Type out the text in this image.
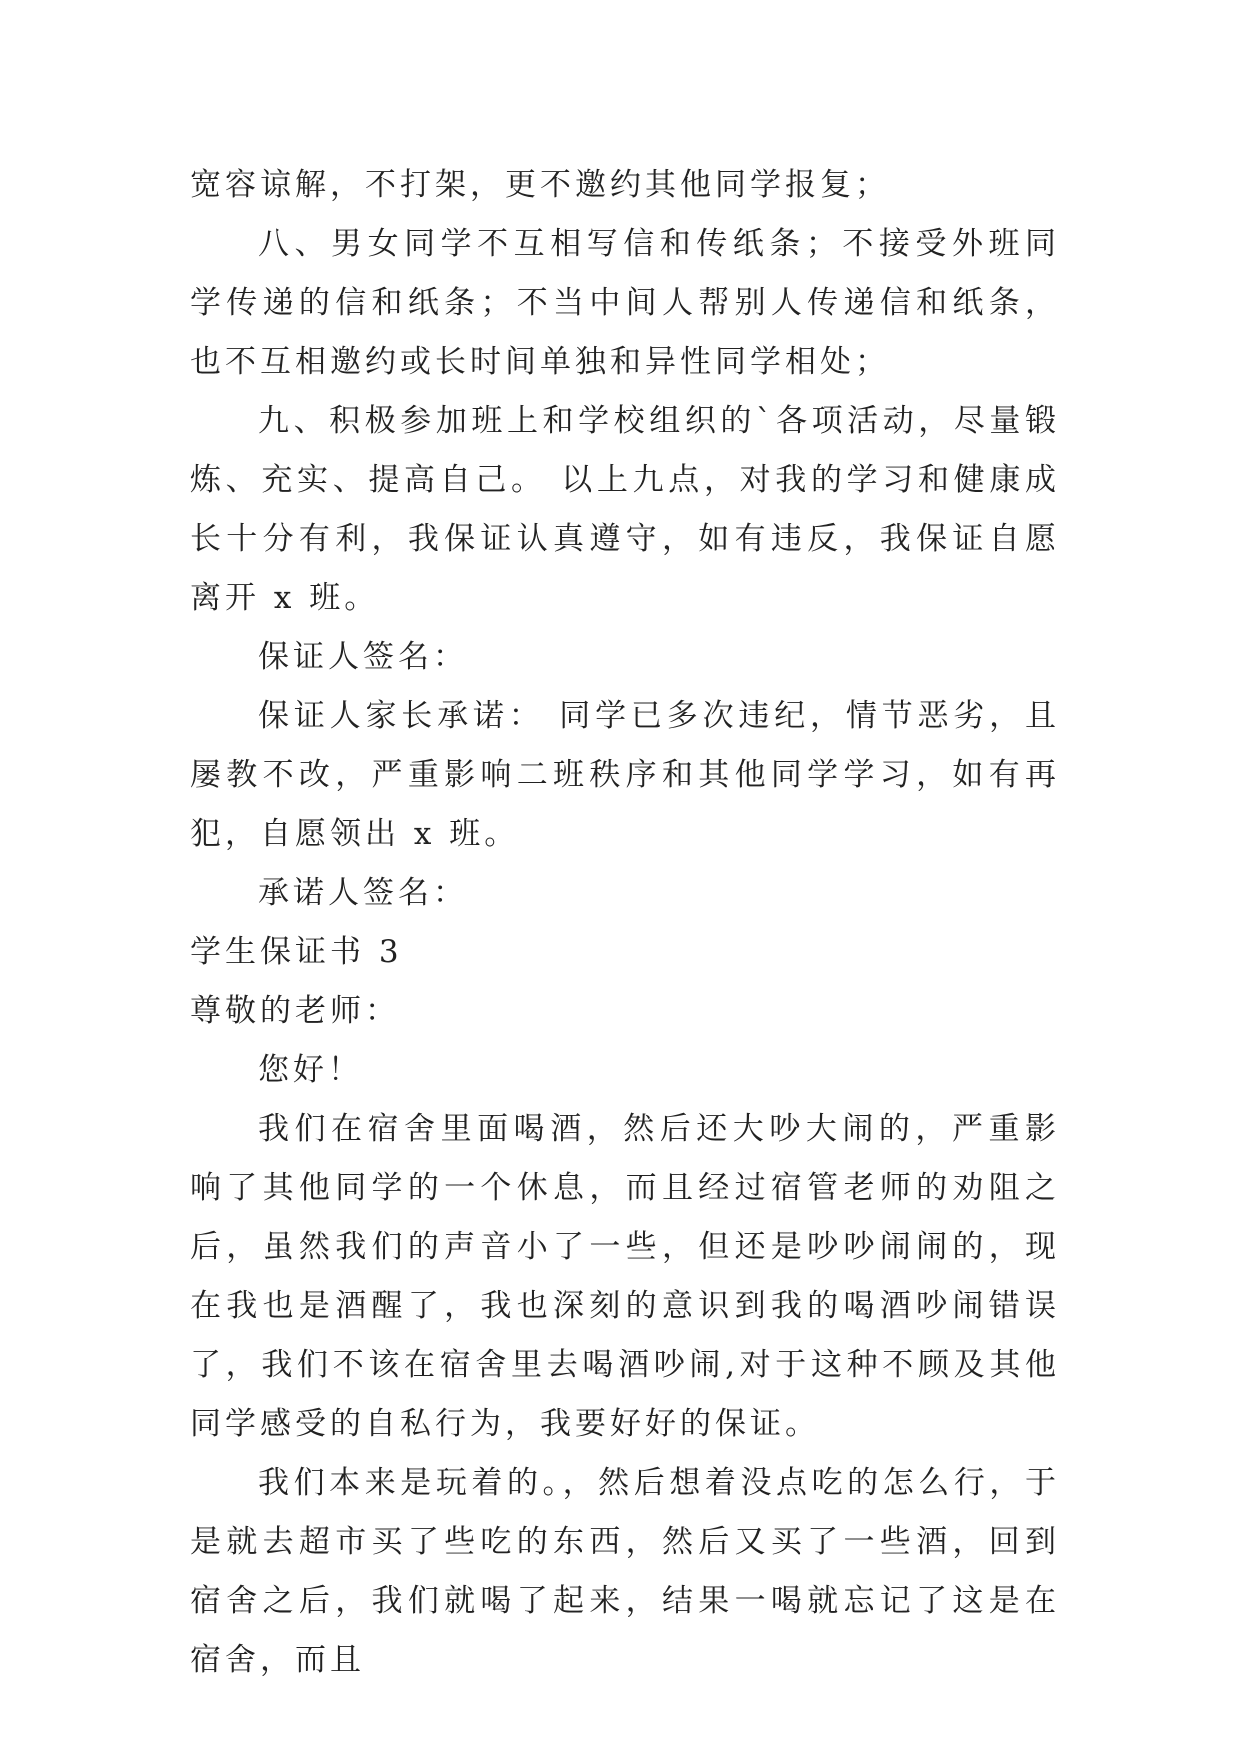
宽容谅解，不打架，更不邀约其他同学报复；

八、男女同学不互相写信和传纸条；不接受外班同学传递的信和纸条；不当中间人帮别人传递信和纸条，也不互相邀约或长时间单独和异性同学相处；

九、积极参加班上和学校组织的`各项活动，尽量锻炼、充实、提高自己。 以上九点，对我的学习和健康成长十分有利，我保证认真遵守，如有违反，我保证自愿离开 x 班。

保证人签名：

保证人家长承诺： 同学已多次违纪，情节恶劣，且屡教不改，严重影响二班秩序和其他同学学习，如有再犯，自愿领出 x 班。

承诺人签名：

学生保证书 3

尊敬的老师：

您好！

我们在宿舍里面喝酒，然后还大吵大闹的，严重影响了其他同学的一个休息，而且经过宿管老师的劝阻之后，虽然我们的声音小了一些，但还是吵吵闹闹的，现在我也是酒醒了，我也深刻的意识到我的喝酒吵闹错误了，我们不该在宿舍里去喝酒吵闹,对于这种不顾及其他同学感受的自私行为，我要好好的保证。

我们本来是玩着的。，然后想着没点吃的怎么行，于是就去超市买了些吃的东西，然后又买了一些酒，回到宿舍之后，我们就喝了起来，结果一喝就忘记了这是在宿舍，而且
